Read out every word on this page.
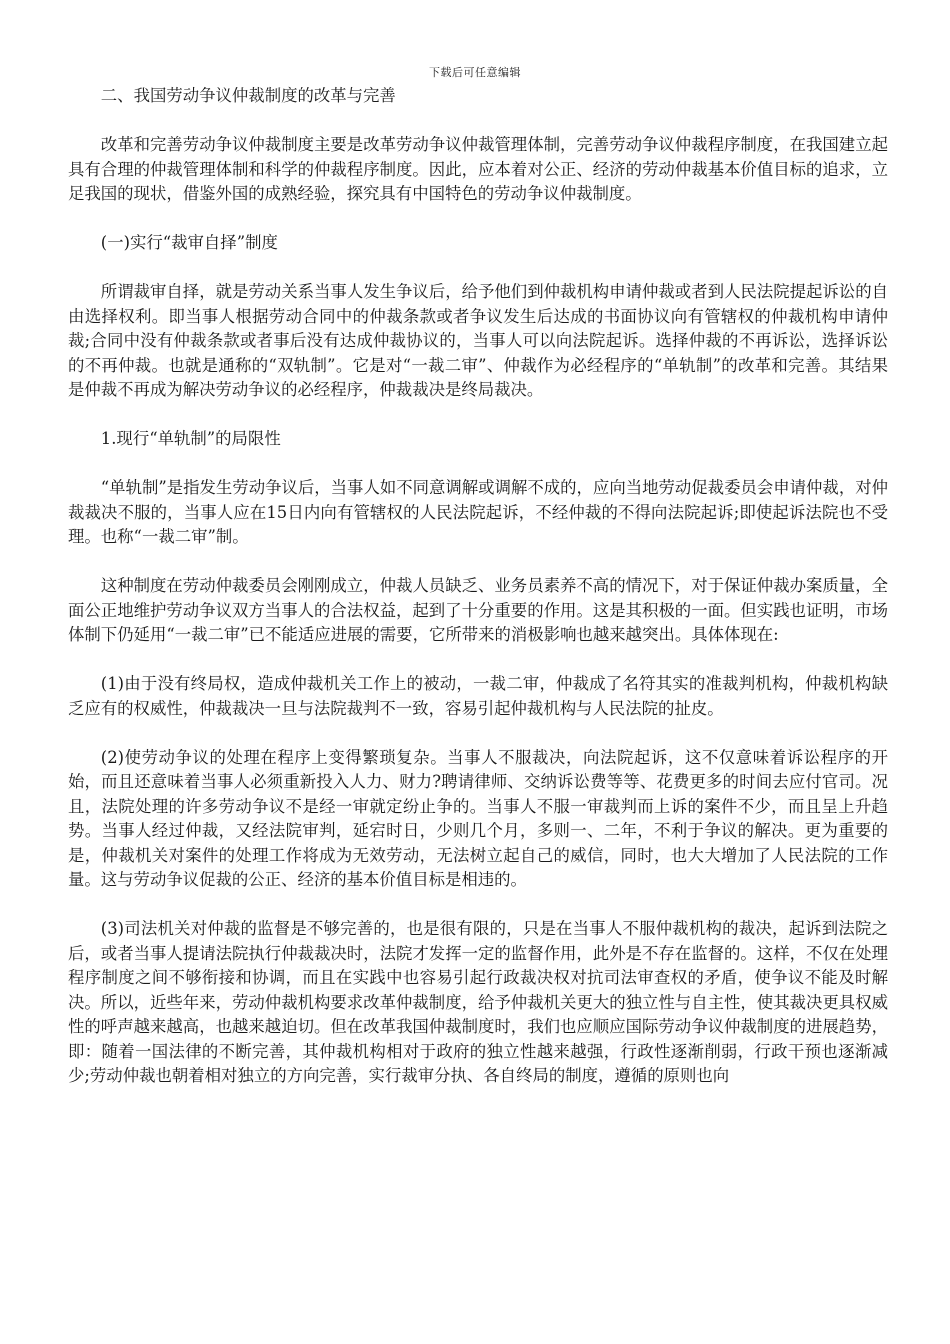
下载后可任意编辑

二、我国劳动争议仲裁制度的改革与完善

改革和完善劳动争议仲裁制度主要是改革劳动争议仲裁管理体制，完善劳动争议仲裁程序制度，在我国建立起具有合理的仲裁管理体制和科学的仲裁程序制度。因此，应本着对公正、经济的劳动仲裁基本价值目标的追求，立足我国的现状，借鉴外国的成熟经验，探究具有中国特色的劳动争议仲裁制度。

(一)实行“裁审自择”制度

所谓裁审自择，就是劳动关系当事人发生争议后，给予他们到仲裁机构申请仲裁或者到人民法院提起诉讼的自由选择权利。即当事人根据劳动合同中的仲裁条款或者争议发生后达成的书面协议向有管辖权的仲裁机构申请仲裁;合同中没有仲裁条款或者事后没有达成仲裁协议的，当事人可以向法院起诉。选择仲裁的不再诉讼，选择诉讼的不再仲裁。也就是通称的“双轨制”。它是对“一裁二审”、仲裁作为必经程序的“单轨制”的改革和完善。其结果是仲裁不再成为解决劳动争议的必经程序，仲裁裁决是终局裁决。

1.现行“单轨制”的局限性

“单轨制”是指发生劳动争议后，当事人如不同意调解或调解不成的，应向当地劳动促裁委员会申请仲裁，对仲裁裁决不服的，当事人应在15日内向有管辖权的人民法院起诉，不经仲裁的不得向法院起诉;即使起诉法院也不受理。也称“一裁二审”制。

这种制度在劳动仲裁委员会刚刚成立，仲裁人员缺乏、业务员素养不高的情况下，对于保证仲裁办案质量，全面公正地维护劳动争议双方当事人的合法权益，起到了十分重要的作用。这是其积极的一面。但实践也证明，市场体制下仍延用“一裁二审”已不能适应进展的需要，它所带来的消极影响也越来越突出。具体体现在:

(1)由于没有终局权，造成仲裁机关工作上的被动，一裁二审，仲裁成了名符其实的准裁判机构，仲裁机构缺乏应有的权威性，仲裁裁决一旦与法院裁判不一致，容易引起仲裁机构与人民法院的扯皮。

(2)使劳动争议的处理在程序上变得繁琐复杂。当事人不服裁决，向法院起诉，这不仅意味着诉讼程序的开始，而且还意味着当事人必须重新投入人力、财力?聘请律师、交纳诉讼费等等、花费更多的时间去应付官司。况且，法院处理的许多劳动争议不是经一审就定纷止争的。当事人不服一审裁判而上诉的案件不少，而且呈上升趋势。当事人经过仲裁，又经法院审判，延宕时日，少则几个月，多则一、二年，不利于争议的解决。更为重要的是，仲裁机关对案件的处理工作将成为无效劳动，无法树立起自己的威信，同时，也大大增加了人民法院的工作量。这与劳动争议促裁的公正、经济的基本价值目标是相违的。

(3)司法机关对仲裁的监督是不够完善的，也是很有限的，只是在当事人不服仲裁机构的裁决，起诉到法院之后，或者当事人提请法院执行仲裁裁决时，法院才发挥一定的监督作用，此外是不存在监督的。这样，不仅在处理程序制度之间不够衔接和协调，而且在实践中也容易引起行政裁决权对抗司法审查权的矛盾，使争议不能及时解决。所以，近些年来，劳动仲裁机构要求改革仲裁制度，给予仲裁机关更大的独立性与自主性，使其裁决更具权威性的呼声越来越高，也越来越迫切。但在改革我国仲裁制度时，我们也应顺应国际劳动争议仲裁制度的进展趋势，即：随着一国法律的不断完善，其仲裁机构相对于政府的独立性越来越强，行政性逐渐削弱，行政干预也逐渐减少;劳动仲裁也朝着相对独立的方向完善，实行裁审分执、各自终局的制度，遵循的原则也向
